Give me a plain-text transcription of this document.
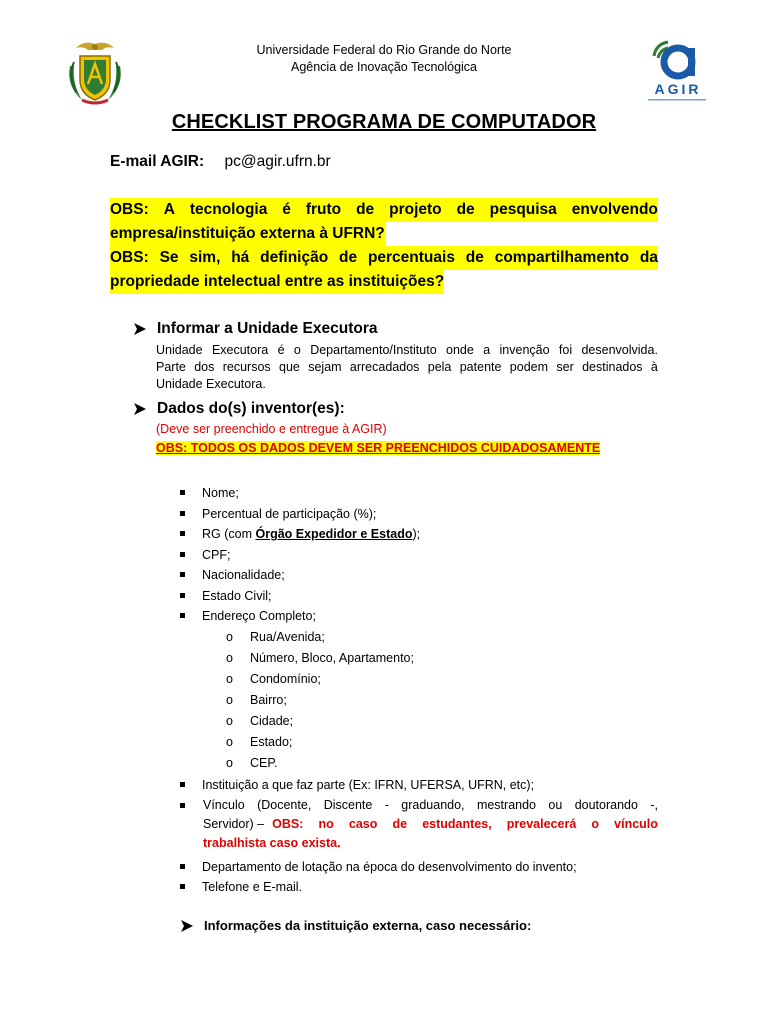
Universidade Federal do Rio Grande do Norte
Agência de Inovação Tecnológica
AGIR
CHECKLIST PROGRAMA DE COMPUTADOR
E-mail AGIR: pc@agir.ufrn.br
OBS: A tecnologia é fruto de projeto de pesquisa envolvendo
empresa/instituição externa à UFRN?
OBS: Se sim, há definição de percentuais de compartilhamento da
propriedade intelectual entre as instituições?
Informar a Unidade Executora
Unidade Executora é o Departamento/Instituto onde a invenção foi desenvolvida.
Parte dos recursos que sejam arrecadados pela patente podem ser destinados à
Unidade Executora.
Dados do(s) inventor(es):
(Deve ser preenchido e entregue à AGIR)
OBS: TODOS OS DADOS DEVEM SER PREENCHIDOS CUIDADOSAMENTE
Nome;
Percentual de participação (%);
RG (com Órgão Expedidor e Estado);
CPF;
Nacionalidade;
Estado Civil;
Endereço Completo;
o Rua/Avenida;
o Número, Bloco, Apartamento;
o Condomínio;
o Bairro;
o Cidade;
o Estado;
o CEP.
Instituição a que faz parte (Ex: IFRN, UFERSA, UFRN, etc);
Vínculo (Docente, Discente - graduando, mestrando ou doutorando -,
Servidor) – OBS: no caso de estudantes, prevalecerá o vínculo
trabalhista caso exista.
Departamento de lotação na época do desenvolvimento do invento;
Telefone e E-mail.
Informações da instituição externa, caso necessário:
